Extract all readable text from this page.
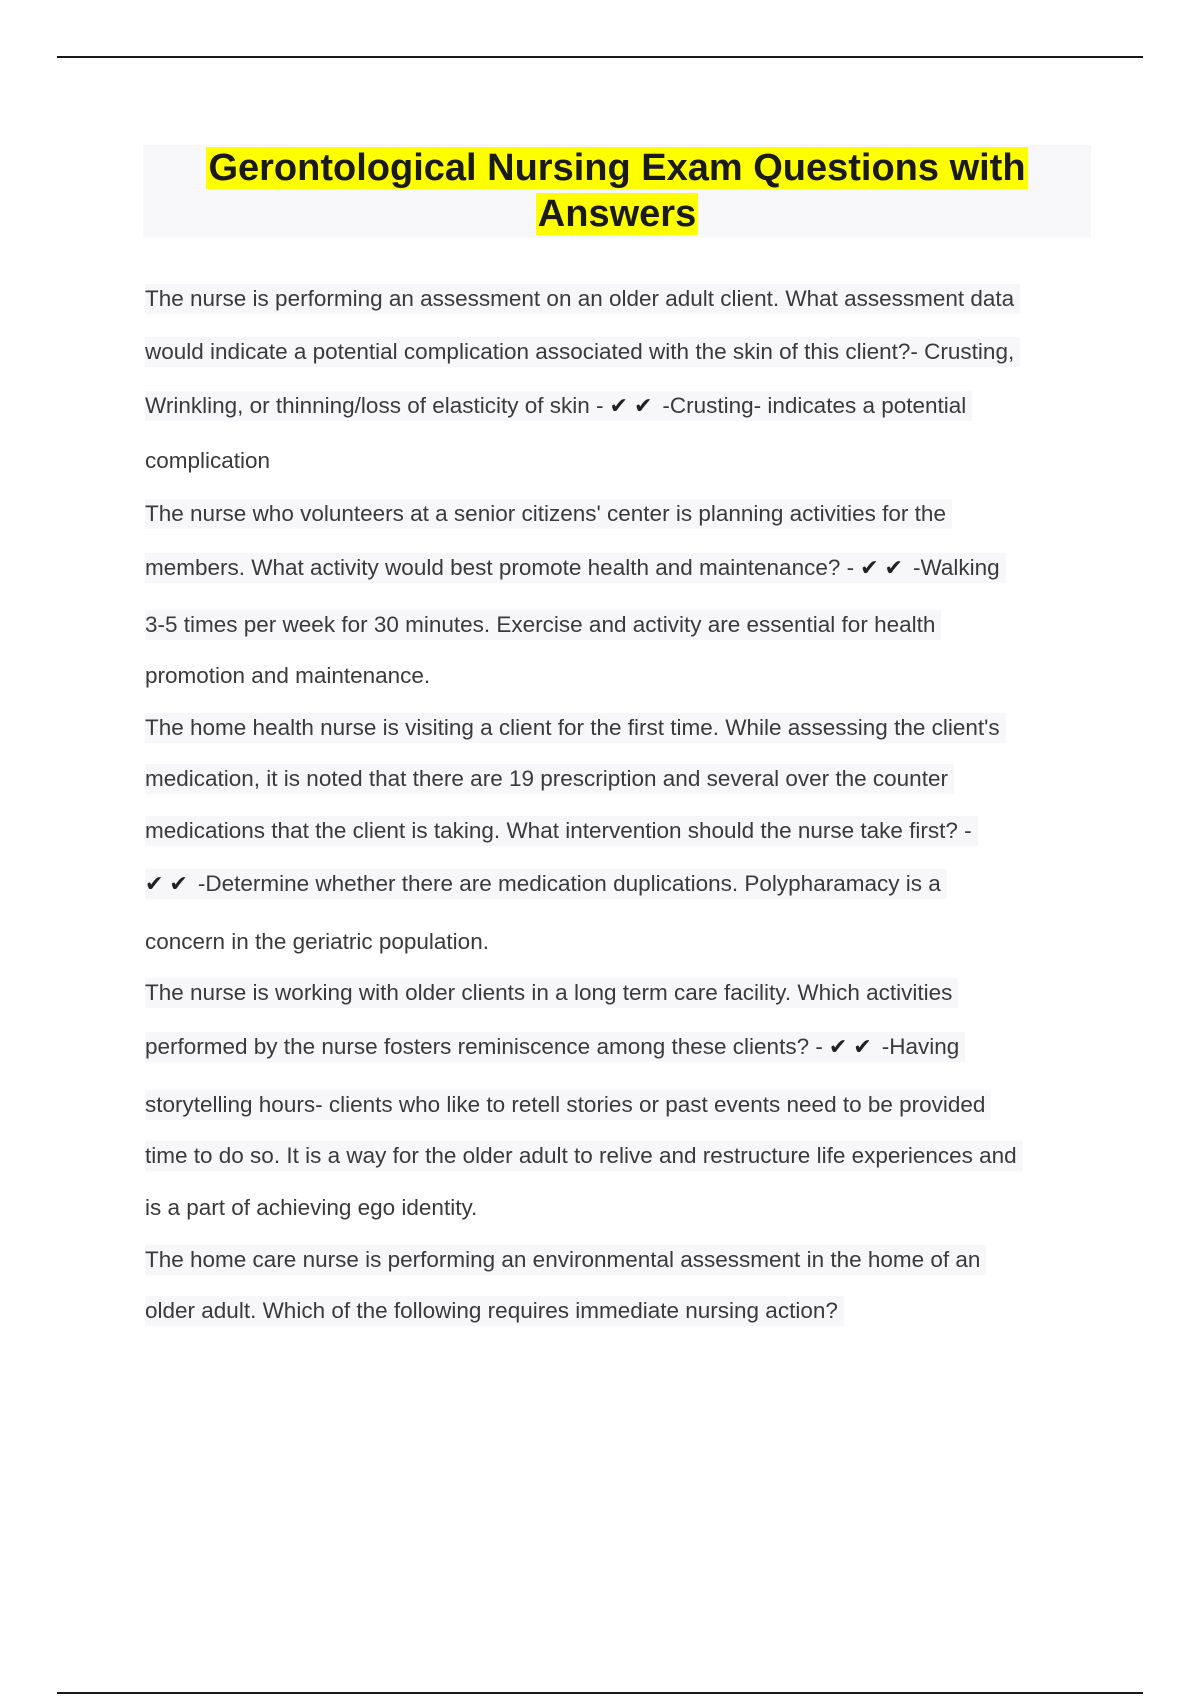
Gerontological Nursing Exam Questions with
Answers
The nurse is performing an assessment on an older adult client. What assessment data
would indicate a potential complication associated with the skin of this client?- Crusting,
Wrinkling, or thinning/loss of elasticity of skin - ✔✔ -Crusting- indicates a potential
complication
The nurse who volunteers at a senior citizens' center is planning activities for the
members. What activity would best promote health and maintenance? - ✔✔ -Walking
3-5 times per week for 30 minutes. Exercise and activity are essential for health
promotion and maintenance.
The home health nurse is visiting a client for the first time. While assessing the client's
medication, it is noted that there are 19 prescription and several over the counter
medications that the client is taking. What intervention should the nurse take first? -
✔✔ -Determine whether there are medication duplications. Polypharamacy is a
concern in the geriatric population.
The nurse is working with older clients in a long term care facility. Which activities
performed by the nurse fosters reminiscence among these clients? - ✔✔ -Having
storytelling hours- clients who like to retell stories or past events need to be provided
time to do so. It is a way for the older adult to relive and restructure life experiences and
is a part of achieving ego identity.
The home care nurse is performing an environmental assessment in the home of an
older adult. Which of the following requires immediate nursing action?
